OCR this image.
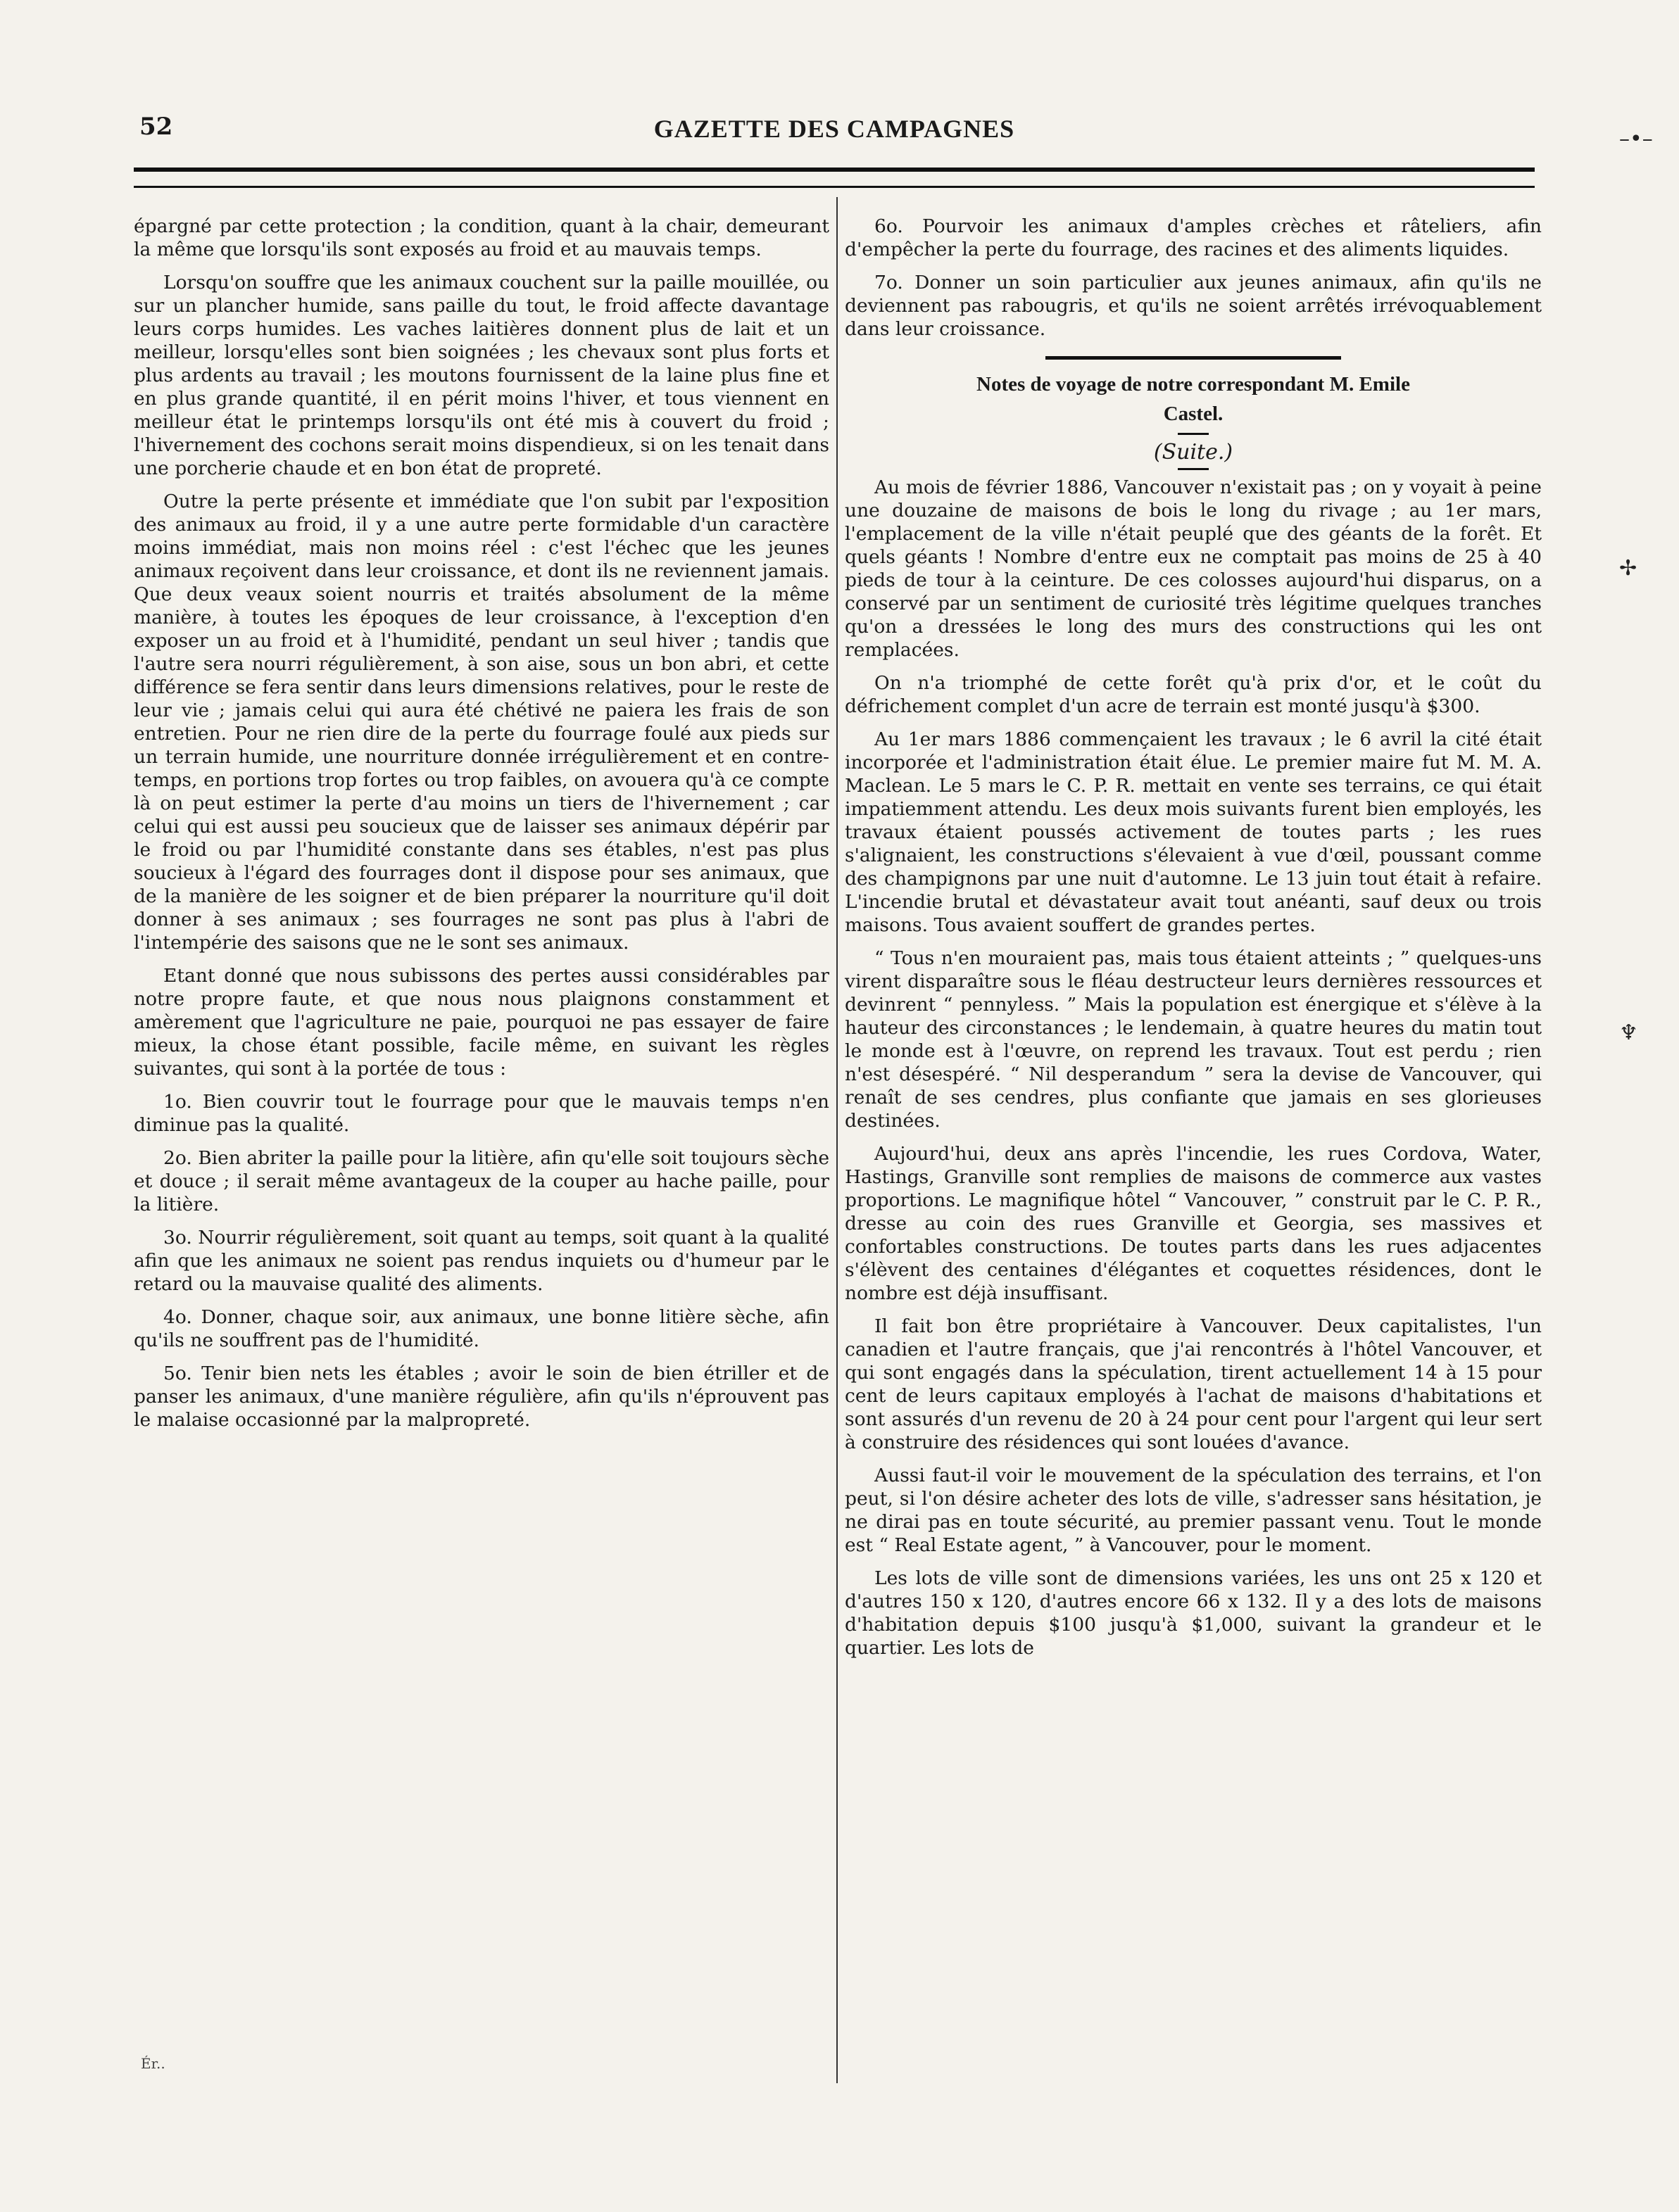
52	GAZETTE DES CAMPAGNES

épargné par cette protection ; la condition, quant à la chair, demeurant la même que lorsqu'ils sont exposés au froid et au mauvais temps.

Lorsqu'on souffre que les animaux couchent sur la paille mouillée, ou sur un plancher humide, sans paille du tout, le froid affecte davantage leurs corps humides. Les vaches laitières donnent plus de lait et un meilleur, lorsqu'elles sont bien soignées ; les chevaux sont plus forts et plus ardents au travail ; les moutons fournissent de la laine plus fine et en plus grande quantité, il en périt moins l'hiver, et tous viennent en meilleur état le printemps lorsqu'ils ont été mis à couvert du froid ; l'hivernement des cochons serait moins dispendieux, si on les tenait dans une porcherie chaude et en bon état de propreté.

Outre la perte présente et immédiate que l'on subit par l'exposition des animaux au froid, il y a une autre perte formidable d'un caractère moins immédiat, mais non moins réel : c'est l'échec que les jeunes animaux reçoivent dans leur croissance, et dont ils ne reviennent jamais. Que deux veaux soient nourris et traités absolument de la même manière, à toutes les époques de leur croissance, à l'exception d'en exposer un au froid et à l'humidité, pendant un seul hiver ; tandis que l'autre sera nourri régulièrement, à son aise, sous un bon abri, et cette différence se fera sentir dans leurs dimensions relatives, pour le reste de leur vie ; jamais celui qui aura été chétivé ne paiera les frais de son entretien. Pour ne rien dire de la perte du fourrage foulé aux pieds sur un terrain humide, une nourriture donnée irrégulièrement et en contre-temps, en portions trop fortes ou trop faibles, on avouera qu'à ce compte là on peut estimer la perte d'au moins un tiers de l'hivernement ; car celui qui est aussi peu soucieux que de laisser ses animaux dépérir par le froid ou par l'humidité constante dans ses étables, n'est pas plus soucieux à l'égard des fourrages dont il dispose pour ses animaux, que de la manière de les soigner et de bien préparer la nourriture qu'il doit donner à ses animaux ; ses fourrages ne sont pas plus à l'abri de l'intempérie des saisons que ne le sont ses animaux.

Etant donné que nous subissons des pertes aussi considérables par notre propre faute, et que nous nous plaignons constamment et amèrement que l'agriculture ne paie, pourquoi ne pas essayer de faire mieux, la chose étant possible, facile même, en suivant les règles suivantes, qui sont à la portée de tous :

1o. Bien couvrir tout le fourrage pour que le mauvais temps n'en diminue pas la qualité.

2o. Bien abriter la paille pour la litière, afin qu'elle soit toujours sèche et douce ; il serait même avantageux de la couper au hache paille, pour la litière.

3o. Nourrir régulièrement, soit quant au temps, soit quant à la qualité afin que les animaux ne soient pas rendus inquiets ou d'humeur par le retard ou la mauvaise qualité des aliments.

4o. Donner, chaque soir, aux animaux, une bonne litière sèche, afin qu'ils ne souffrent pas de l'humidité.

5o. Tenir bien nets les étables ; avoir le soin de bien étriller et de panser les animaux, d'une manière régulière, afin qu'ils n'éprouvent pas le malaise occasionné par la malpropreté.

6o. Pourvoir les animaux d'amples crèches et râteliers, afin d'empêcher la perte du fourrage, des racines et des aliments liquides.

7o. Donner un soin particulier aux jeunes animaux, afin qu'ils ne deviennent pas rabougris, et qu'ils ne soient arrêtés irrévoquablement dans leur croissance.

Notes de voyage de notre correspondant M. Emile
Castel.
(Suite.)

Au mois de février 1886, Vancouver n'existait pas ; on y voyait à peine une douzaine de maisons de bois le long du rivage ; au 1er mars, l'emplacement de la ville n'était peuplé que des géants de la forêt. Et quels géants ! Nombre d'entre eux ne comptait pas moins de 25 à 40 pieds de tour à la ceinture. De ces colosses aujourd'hui disparus, on a conservé par un sentiment de curiosité très légitime quelques tranches qu'on a dressées le long des murs des constructions qui les ont remplacées.

On n'a triomphé de cette forêt qu'à prix d'or, et le coût du défrichement complet d'un acre de terrain est monté jusqu'à $300.

Au 1er mars 1886 commençaient les travaux ; le 6 avril la cité était incorporée et l'administration était élue. Le premier maire fut M. M. A. Maclean. Le 5 mars le C. P. R. mettait en vente ses terrains, ce qui était impatiemment attendu. Les deux mois suivants furent bien employés, les travaux étaient poussés activement de toutes parts ; les rues s'alignaient, les constructions s'élevaient à vue d'œil, poussant comme des champignons par une nuit d'automne. Le 13 juin tout était à refaire. L'incendie brutal et dévastateur avait tout anéanti, sauf deux ou trois maisons. Tous avaient souffert de grandes pertes.

“ Tous n'en mouraient pas, mais tous étaient atteints ; ” quelques-uns virent disparaître sous le fléau destructeur leurs dernières ressources et devinrent “ pennyless. ” Mais la population est énergique et s'élève à la hauteur des circonstances ; le lendemain, à quatre heures du matin tout le monde est à l'œuvre, on reprend les travaux. Tout est perdu ; rien n'est désespéré. “ Nil desperandum ” sera la devise de Vancouver, qui renaît de ses cendres, plus confiante que jamais en ses glorieuses destinées.

Aujourd'hui, deux ans après l'incendie, les rues Cordova, Water, Hastings, Granville sont remplies de maisons de commerce aux vastes proportions. Le magnifique hôtel “ Vancouver, ” construit par le C. P. R., dresse au coin des rues Granville et Georgia, ses massives et confortables constructions. De toutes parts dans les rues adjacentes s'élèvent des centaines d'élégantes et coquettes résidences, dont le nombre est déjà insuffisant.

Il fait bon être propriétaire à Vancouver. Deux capitalistes, l'un canadien et l'autre français, que j'ai rencontrés à l'hôtel Vancouver, et qui sont engagés dans la spéculation, tirent actuellement 14 à 15 pour cent de leurs capitaux employés à l'achat de maisons d'habitations et sont assurés d'un revenu de 20 à 24 pour cent pour l'argent qui leur sert à construire des résidences qui sont louées d'avance.

Aussi faut-il voir le mouvement de la spéculation des terrains, et l'on peut, si l'on désire acheter des lots de ville, s'adresser sans hésitation, je ne dirai pas en toute sécurité, au premier passant venu. Tout le monde est “ Real Estate agent, ” à Vancouver, pour le moment.

Les lots de ville sont de dimensions variées, les uns ont 25 x 120 et d'autres 150 x 120, d'autres encore 66 x 132. Il y a des lots de maisons d'habitation depuis $100 jusqu'à $1,000, suivant la grandeur et le quartier. Les lots de

Ér..
–•–
✢
♆
